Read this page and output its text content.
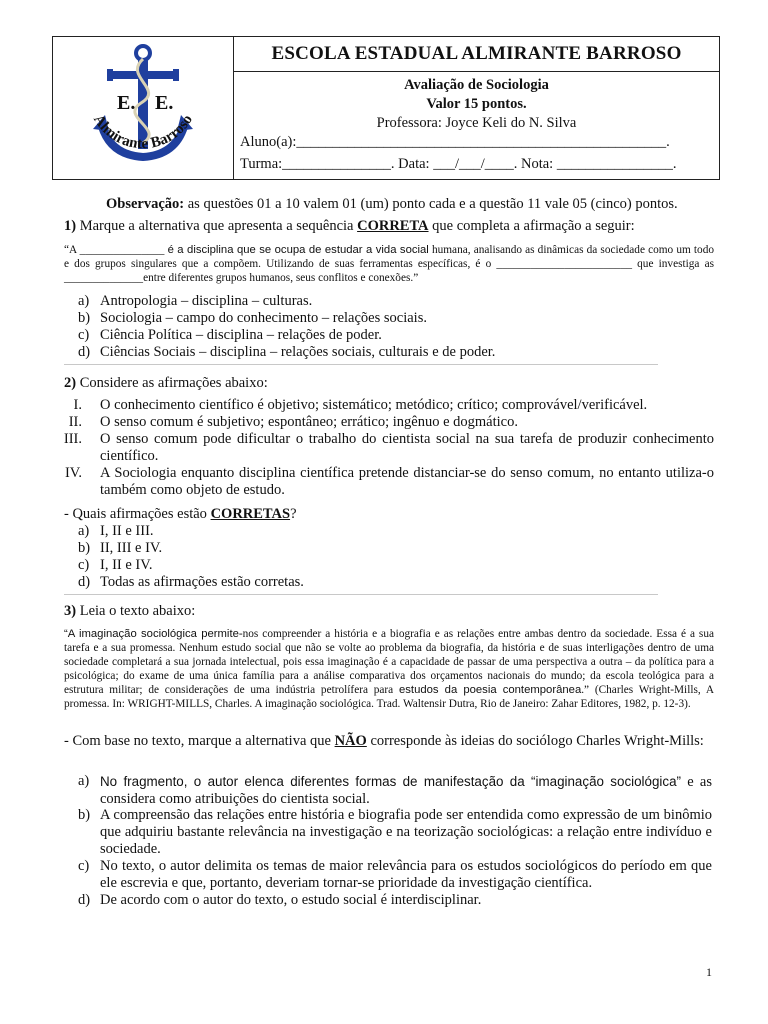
E. E.
Almirante Barroso
ESCOLA ESTADUAL ALMIRANTE BARROSO
Avaliação de Sociologia
Valor 15 pontos.
Professora: Joyce Keli do N. Silva
Aluno(a):___________________________________________________.
Turma:_______________. Data: ___/___/____. Nota: ________________.
Observação: as questões 01 a 10 valem 01 (um) ponto cada e a questão 11 vale 05 (cinco) pontos.
1) Marque a alternativa que apresenta a sequência CORRETA que completa a afirmação a seguir:
“A _______________ é a disciplina que se ocupa de estudar a vida social humana, analisando as dinâmicas da sociedade como um todo e dos grupos singulares que a compõem. Utilizando de suas ferramentas específicas, é o ________________________ que investiga as ______________entre diferentes grupos humanos, seus conflitos e conexões.”
a) Antropologia – disciplina – culturas.
b) Sociologia – campo do conhecimento – relações sociais.
c) Ciência Política – disciplina – relações de poder.
d) Ciências Sociais – disciplina – relações sociais, culturais e de poder.
2) Considere as afirmações abaixo:
I. O conhecimento científico é objetivo; sistemático; metódico; crítico; comprovável/verificável.
II. O senso comum é subjetivo; espontâneo; errático; ingênuo e dogmático.
III. O senso comum pode dificultar o trabalho do cientista social na sua tarefa de produzir conhecimento científico.
IV. A Sociologia enquanto disciplina científica pretende distanciar-se do senso comum, no entanto utiliza-o também como objeto de estudo.
- Quais afirmações estão CORRETAS?
a) I, II e III.
b) II, III e IV.
c) I, II e IV.
d) Todas as afirmações estão corretas.
3) Leia o texto abaixo:
“A imaginação sociológica permite-nos compreender a história e a biografia e as relações entre ambas dentro da sociedade. Essa é a sua tarefa e a sua promessa. Nenhum estudo social que não se volte ao problema da biografia, da história e de suas interligações dentro de uma sociedade completará a sua jornada intelectual, pois essa imaginação é a capacidade de passar de uma perspectiva a outra – da política para a psicológica; do exame de uma única família para a análise comparativa dos orçamentos nacionais do mundo; da escola teológica para a estrutura militar; de considerações de uma indústria petrolífera para estudos da poesia contemporânea.” (Charles Wright-Mills, A promessa. In: WRIGHT-MILLS, Charles. A imaginação sociológica. Trad. Waltensir Dutra, Rio de Janeiro: Zahar Editores, 1982, p. 12-3).
- Com base no texto, marque a alternativa que NÃO corresponde às ideias do sociólogo Charles Wright-Mills:
a) No fragmento, o autor elenca diferentes formas de manifestação da “imaginação sociológica” e as considera como atribuições do cientista social.
b) A compreensão das relações entre história e biografia pode ser entendida como expressão de um binômio que adquiriu bastante relevância na investigação e na teorização sociológicas: a relação entre indivíduo e sociedade.
c) No texto, o autor delimita os temas de maior relevância para os estudos sociológicos do período em que ele escrevia e que, portanto, deveriam tornar-se prioridade da investigação científica.
d) De acordo com o autor do texto, o estudo social é interdisciplinar.
1
